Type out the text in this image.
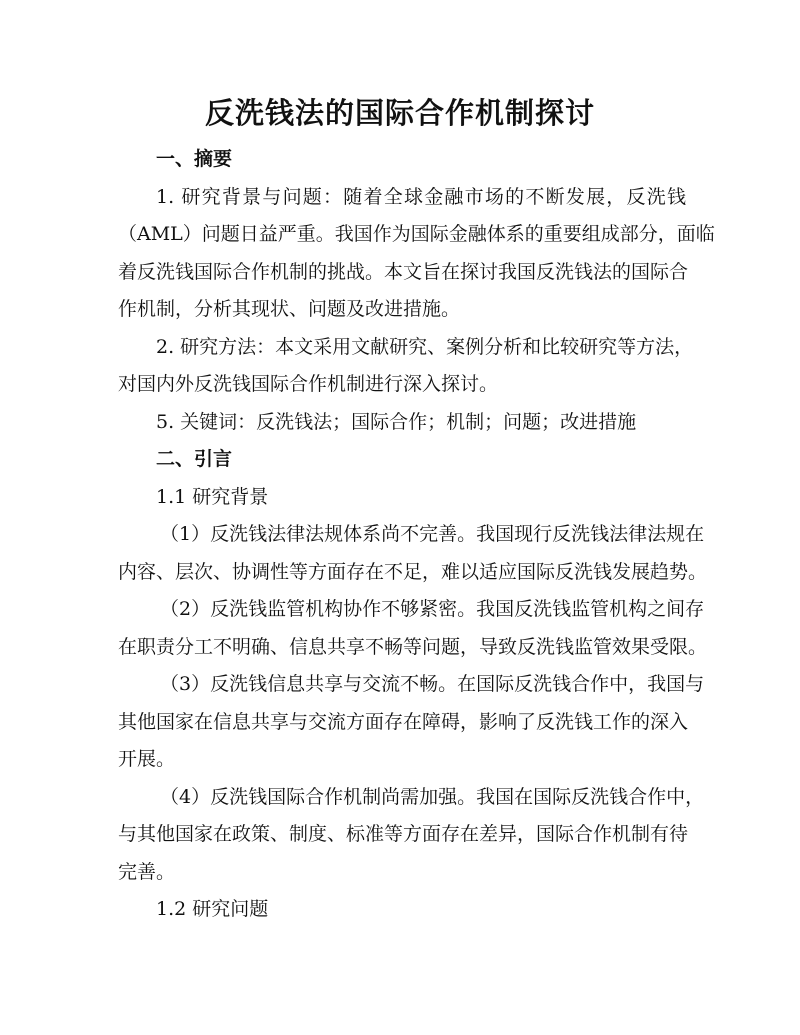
反洗钱法的国际合作机制探讨
一、摘要
1. 研究背景与问题：随着全球金融市场的不断发展，反洗钱
（AML）问题日益严重。我国作为国际金融体系的重要组成部分，面临
着反洗钱国际合作机制的挑战。本文旨在探讨我国反洗钱法的国际合
作机制，分析其现状、问题及改进措施。
2. 研究方法：本文采用文献研究、案例分析和比较研究等方法，
对国内外反洗钱国际合作机制进行深入探讨。
5. 关键词：反洗钱法；国际合作；机制；问题；改进措施
二、引言
1.1 研究背景
（1）反洗钱法律法规体系尚不完善。我国现行反洗钱法律法规在
内容、层次、协调性等方面存在不足，难以适应国际反洗钱发展趋势。
（2）反洗钱监管机构协作不够紧密。我国反洗钱监管机构之间存
在职责分工不明确、信息共享不畅等问题，导致反洗钱监管效果受限。
（3）反洗钱信息共享与交流不畅。在国际反洗钱合作中，我国与
其他国家在信息共享与交流方面存在障碍，影响了反洗钱工作的深入
开展。
（4）反洗钱国际合作机制尚需加强。我国在国际反洗钱合作中，
与其他国家在政策、制度、标准等方面存在差异，国际合作机制有待
完善。
1.2 研究问题
